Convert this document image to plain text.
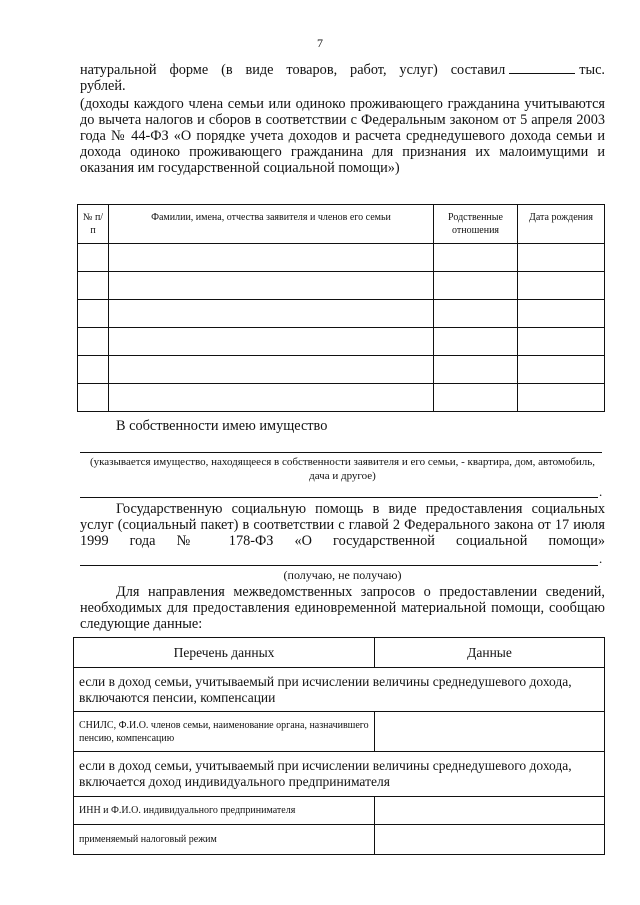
7
натуральной форме (в виде товаров, работ, услуг) составил	тыс.
рублей.
(доходы каждого члена семьи или одиноко проживающего гражданина учитываются до вычета налогов и сборов в соответствии с Федеральным законом от 5 апреля 2003 года № 44-ФЗ «О порядке учета доходов и расчета среднедушевого дохода семьи и дохода одиноко проживающего гражданина для признания их малоимущими и оказания им государственной социальной помощи»)
№ п/п	Фамилии, имена, отчества заявителя и членов его семьи	Родственные отношения	Дата рождения

В собственности имею имущество
(указывается имущество, находящееся в собственности заявителя и его семьи, - квартира, дом, автомобиль, дача и другое)
.
Государственную социальную помощь в виде предоставления социальных услуг (социальный пакет) в соответствии с главой 2 Федерального закона от 17 июля 1999 года № 178-ФЗ «О государственной социальной помощи»
.
(получаю, не получаю)
Для направления межведомственных запросов о предоставлении сведений, необходимых для предоставления единовременной материальной помощи, сообщаю следующие данные:
Перечень данных	Данные
если в доход семьи, учитываемый при исчислении величины среднедушевого дохода, включаются пенсии, компенсации	
СНИЛС, Ф.И.О. членов семьи, наименование органа, назначившего пенсию, компенсацию	
если в доход семьи, учитываемый при исчислении величины среднедушевого дохода, включается доход индивидуального предпринимателя	
ИНН и Ф.И.О. индивидуального предпринимателя	
применяемый налоговый режим	
